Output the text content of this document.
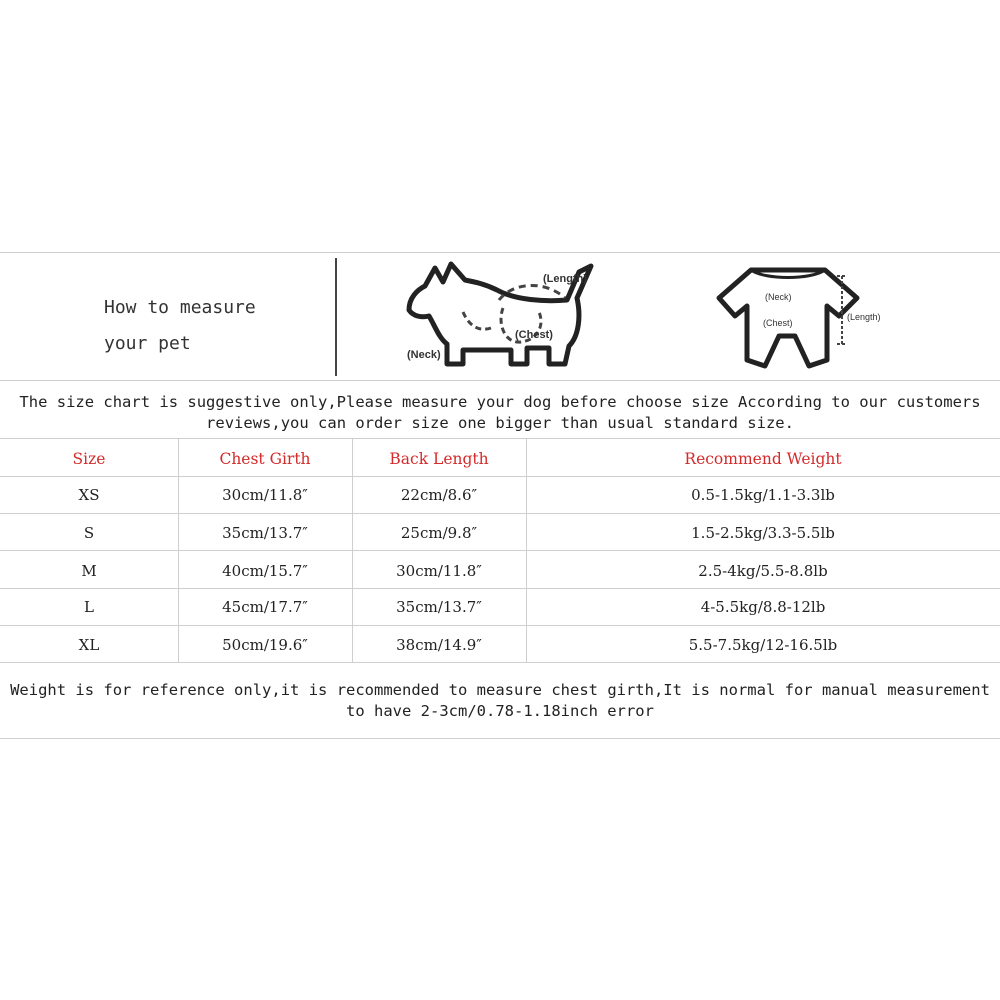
How to measure
your pet
(Length)
(Neck)
(Chest)
(Neck)
(Chest)
(Length)
The size chart is suggestive only,Please measure your dog before choose size According to our customers
reviews,you can order size one bigger than usual standard size.
Size	Chest Girth	Back Length	Recommend Weight
XS	30cm/11.8″	22cm/8.6″	0.5-1.5kg/1.1-3.3lb
S	35cm/13.7″	25cm/9.8″	1.5-2.5kg/3.3-5.5lb
M	40cm/15.7″	30cm/11.8″	2.5-4kg/5.5-8.8lb
L	45cm/17.7″	35cm/13.7″	4-5.5kg/8.8-12lb
XL	50cm/19.6″	38cm/14.9″	5.5-7.5kg/12-16.5lb
Weight is for reference only,it is recommended to measure chest girth,It is normal for manual measurement
to have 2-3cm/0.78-1.18inch error
